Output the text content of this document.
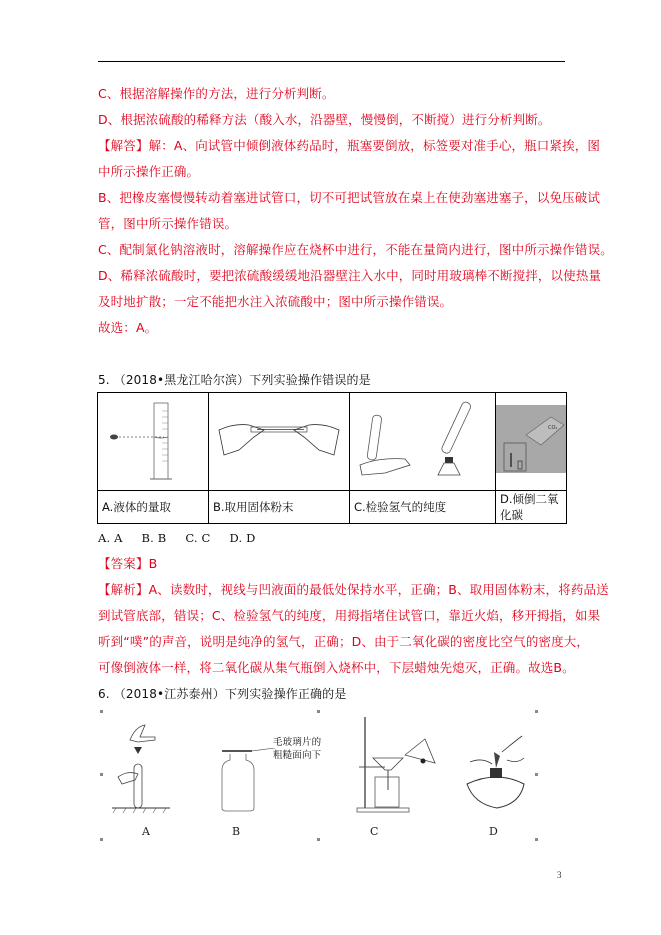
C、根据溶解操作的方法，进行分析判断。
D、根据浓硫酸的稀释方法（酸入水，沿器壁，慢慢倒，不断搅）进行分析判断。
【解答】解：A、向试管中倾倒液体药品时，瓶塞要倒放，标签要对准手心，瓶口紧挨，图
中所示操作正确。
B、把橡皮塞慢慢转动着塞进试管口，切不可把试管放在桌上在使劲塞进塞子，以免压破试
管，图中所示操作错误。
C、配制氯化钠溶液时，溶解操作应在烧杯中进行，不能在量筒内进行，图中所示操作错误。
D、稀释浓硫酸时，要把浓硫酸缓缓地沿器壁注入水中，同时用玻璃棒不断搅拌，以使热量
及时地扩散；一定不能把水注入浓硫酸中；图中所示操作错误。
故选：A。
5. （2018•黑龙江哈尔滨）下列实验操作错误的是

CO₂

A.液体的量取	B.取用固体粉末	C.检验氢气的纯度	D.倾倒二氧化碳
A. A     B. B     C. C     D. D
【答案】B
【解析】A、读数时，视线与凹液面的最低处保持水平，正确；B、取用固体粉末，将药品送
到试管底部，错误；C、检验氢气的纯度，用拇指堵住试管口，靠近火焰，移开拇指，如果
听到“噗”的声音，说明是纯净的氢气，正确；D、由于二氧化碳的密度比空气的密度大，
可像倒液体一样，将二氧化碳从集气瓶倒入烧杯中，下层蜡烛先熄灭，正确。故选B。
6. （2018•江苏泰州）下列实验操作正确的是
毛玻璃片的
粗糙面向下
A	B	C	D
3
